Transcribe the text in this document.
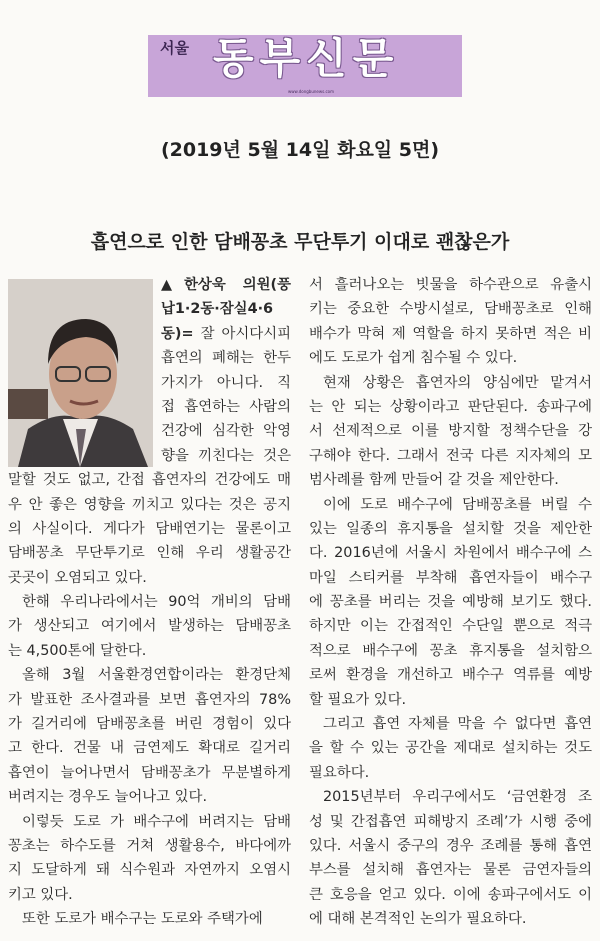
서울 동부신문
www.dongbunews.com
(2019년 5월 14일 화요일 5면)
흡연으로 인한 담배꽁초 무단투기 이대로 괜찮은가
▲한상욱 의원(풍
납1·2동·잠실4·6
동)= 잘 아시다시피
흡연의 폐해는 한두
가지가 아니다. 직
접 흡연하는 사람의
건강에 심각한 악영
향을 끼친다는 것은
말할 것도 없고, 간접 흡연자의 건강에도 매
우 안 좋은 영향을 끼치고 있다는 것은 공지
의 사실이다. 게다가 담배연기는 물론이고
담배꽁초 무단투기로 인해 우리 생활공간
곳곳이 오염되고 있다.
한해 우리나라에서는 90억 개비의 담배
가 생산되고 여기에서 발생하는 담배꽁초
는 4,500톤에 달한다.
올해 3월 서울환경연합이라는 환경단체
가 발표한 조사결과를 보면 흡연자의 78%
가 길거리에 담배꽁초를 버린 경험이 있다
고 한다. 건물 내 금연제도 확대로 길거리
흡연이 늘어나면서 담배꽁초가 무분별하게
버려지는 경우도 늘어나고 있다.
이렇듯 도로 가 배수구에 버려지는 담배
꽁초는 하수도를 거쳐 생활용수, 바다에까
지 도달하게 돼 식수원과 자연까지 오염시
키고 있다.
또한 도로가 배수구는 도로와 주택가에
서 흘러나오는 빗물을 하수관으로 유출시
키는 중요한 수방시설로, 담배꽁초로 인해
배수가 막혀 제 역할을 하지 못하면 적은 비
에도 도로가 쉽게 침수될 수 있다.
현재 상황은 흡연자의 양심에만 맡겨서
는 안 되는 상황이라고 판단된다. 송파구에
서 선제적으로 이를 방지할 정책수단을 강
구해야 한다. 그래서 전국 다른 지자체의 모
범사례를 함께 만들어 갈 것을 제안한다.
이에 도로 배수구에 담배꽁초를 버릴 수
있는 일종의 휴지통을 설치할 것을 제안한
다. 2016년에 서울시 차원에서 배수구에 스
마일 스티커를 부착해 흡연자들이 배수구
에 꽁초를 버리는 것을 예방해 보기도 했다.
하지만 이는 간접적인 수단일 뿐으로 적극
적으로 배수구에 꽁초 휴지통을 설치함으
로써 환경을 개선하고 배수구 역류를 예방
할 필요가 있다.
그리고 흡연 자체를 막을 수 없다면 흡연
을 할 수 있는 공간을 제대로 설치하는 것도
필요하다.
2015년부터 우리구에서도 ‘금연환경 조
성 및 간접흡연 피해방지 조례’가 시행 중에
있다. 서울시 중구의 경우 조례를 통해 흡연
부스를 설치해 흡연자는 물론 금연자들의
큰 호응을 얻고 있다. 이에 송파구에서도 이
에 대해 본격적인 논의가 필요하다.
